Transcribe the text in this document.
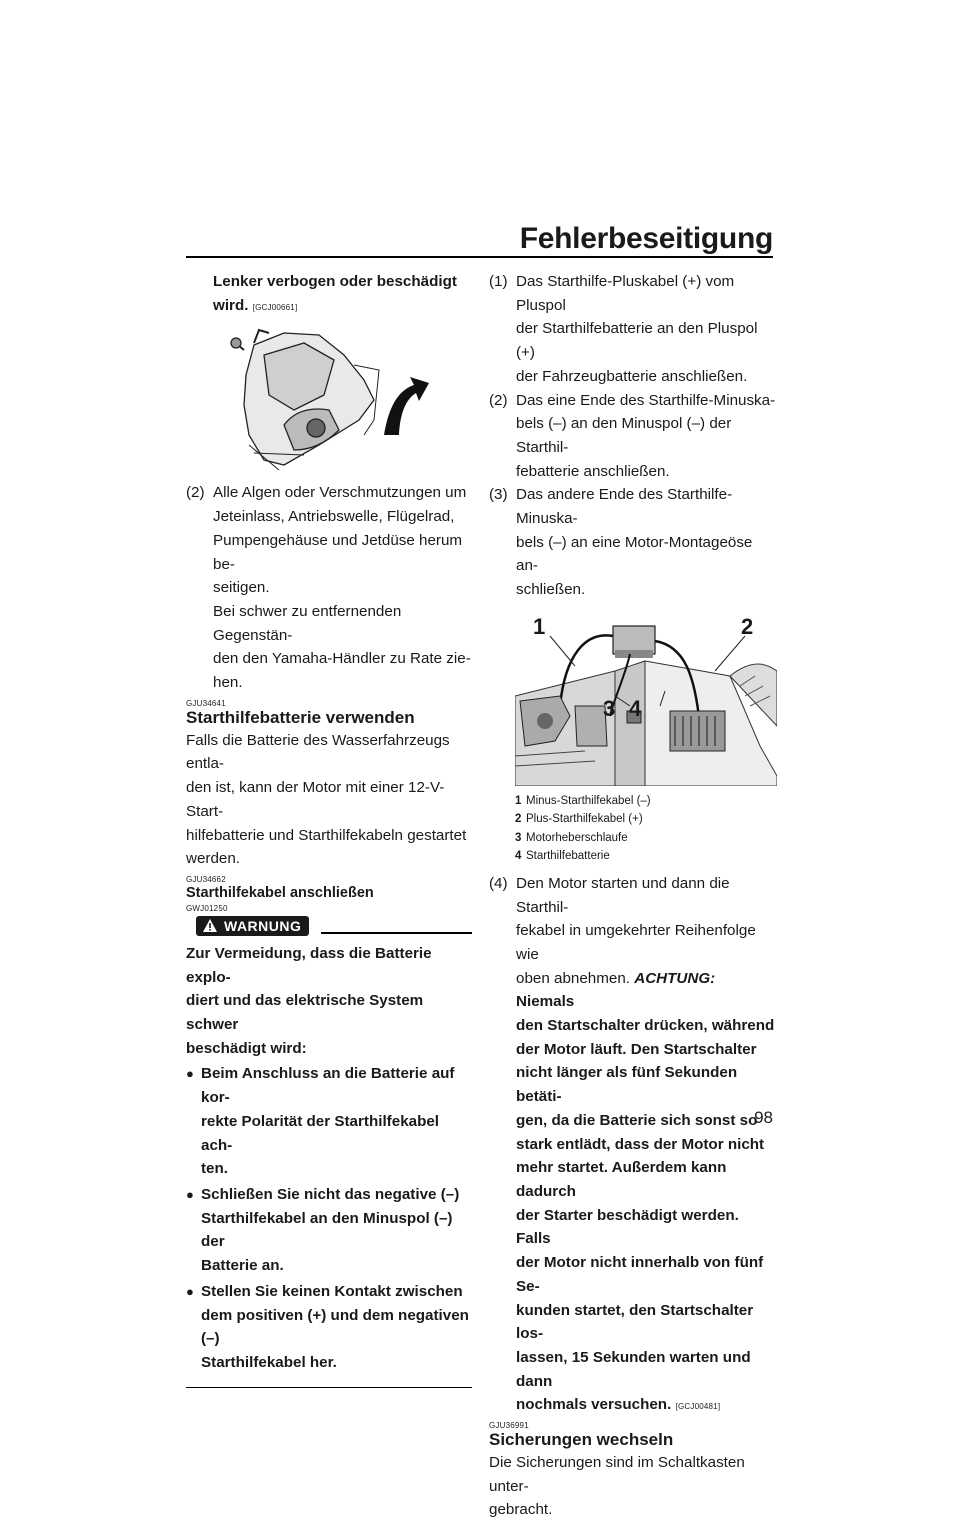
Fehlerbeseitigung

Lenker verbogen oder beschädigt

wird. [GCJ00661]

(2) Alle Algen oder Verschmutzungen um
Jeteinlass, Antriebswelle, Flügelrad,
Pumpengehäuse und Jetdüse herum be-
seitigen.
Bei schwer zu entfernenden Gegenstän-
den den Yamaha-Händler zu Rate zie-
hen.
GJU34641

Starthilfebatterie verwenden

Falls die Batterie des Wasserfahrzeugs entla-
den ist, kann der Motor mit einer 12-V-Start-
hilfebatterie und Starthilfekabeln gestartet
werden.

GJU34662

Starthilfekabel anschließen

GWJ01250
WARNUNG

Zur Vermeidung, dass die Batterie explo-
diert und das elektrische System schwer
beschädigt wird:

● Beim Anschluss an die Batterie auf kor-
rekte Polarität der Starthilfekabel ach-
ten.
● Schließen Sie nicht das negative (–)
Starthilfekabel an den Minuspol (–) der
Batterie an.
● Stellen Sie keinen Kontakt zwischen
dem positiven (+) und dem negativen (–)
Starthilfekabel her.
(1) Das Starthilfe-Pluskabel (+) vom Pluspol
der Starthilfebatterie an den Pluspol (+)
der Fahrzeugbatterie anschließen.
(2) Das eine Ende des Starthilfe-Minuska-
bels (–) an den Minuspol (–) der Starthil-
febatterie anschließen.
(3) Das andere Ende des Starthilfe-Minuska-
bels (–) an eine Motor-Montageöse an-
schließen.
1	2
3 4
1 Minus-Starthilfekabel (–)
2 Plus-Starthilfekabel (+)
3 Motorheberschlaufe
4 Starthilfebatterie
(4) Den Motor starten und dann die Starthil-
fekabel in umgekehrter Reihenfolge wie
oben abnehmen. ACHTUNG: Niemals
den Startschalter drücken, während
der Motor läuft. Den Startschalter
nicht länger als fünf Sekunden betäti-
gen, da die Batterie sich sonst so
stark entlädt, dass der Motor nicht
mehr startet. Außerdem kann dadurch
der Starter beschädigt werden. Falls
der Motor nicht innerhalb von fünf Se-
kunden startet, den Startschalter los-
lassen, 15 Sekunden warten und dann
nochmals versuchen. [GCJ00481]
GJU36991

Sicherungen wechseln

Die Sicherungen sind im Schaltkasten unter-
gebracht.

98
